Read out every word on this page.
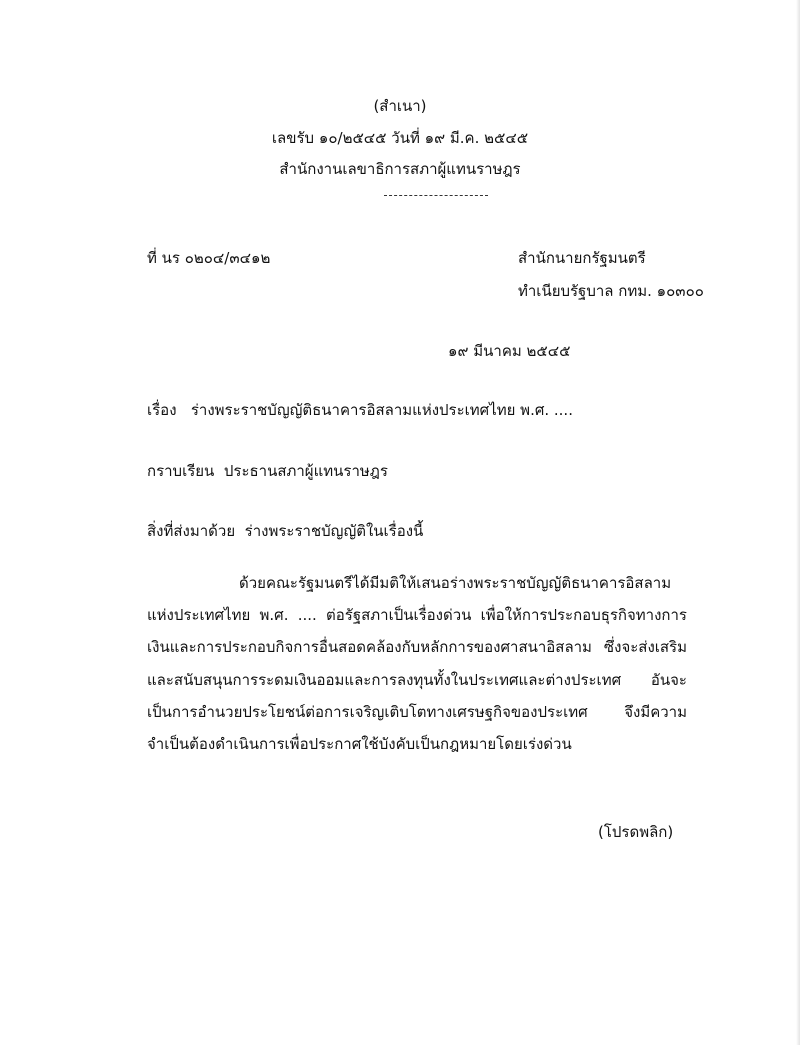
(สำเนา)
เลขรับ ๑๐/๒๕๔๕ วันที่ ๑๙ มี.ค. ๒๕๔๕
สำนักงานเลขาธิการสภาผู้แทนราษฎร
ที่ นร ๐๒๐๔/๓๔๑๒	สำนักนายกรัฐมนตรี
ทำเนียบรัฐบาล กทม. ๑๐๓๐๐
๑๙ มีนาคม ๒๕๔๕
เรื่อง ร่างพระราชบัญญัติธนาคารอิสลามแห่งประเทศไทย พ.ศ. ....
กราบเรียน ประธานสภาผู้แทนราษฎร
สิ่งที่ส่งมาด้วย ร่างพระราชบัญญัติในเรื่องนี้

ด้วยคณะรัฐมนตรีได้มีมติให้เสนอร่างพระราชบัญญัติธนาคารอิสลามแห่งประเทศไทย พ.ศ. .... ต่อรัฐสภาเป็นเรื่องด่วน เพื่อให้การประกอบธุรกิจทางการเงินและการประกอบกิจการอื่นสอดคล้องกับหลักการของศาสนาอิสลาม ซึ่งจะส่งเสริมและสนับสนุนการระดมเงินออมและการลงทุนทั้งในประเทศและต่างประเทศ อันจะเป็นการอำนวยประโยชน์ต่อการเจริญเติบโตทางเศรษฐกิจของประเทศ จึงมีความจำเป็นต้องดำเนินการเพื่อประกาศใช้บังคับเป็นกฎหมายโดยเร่งด่วน

(โปรดพลิก)
